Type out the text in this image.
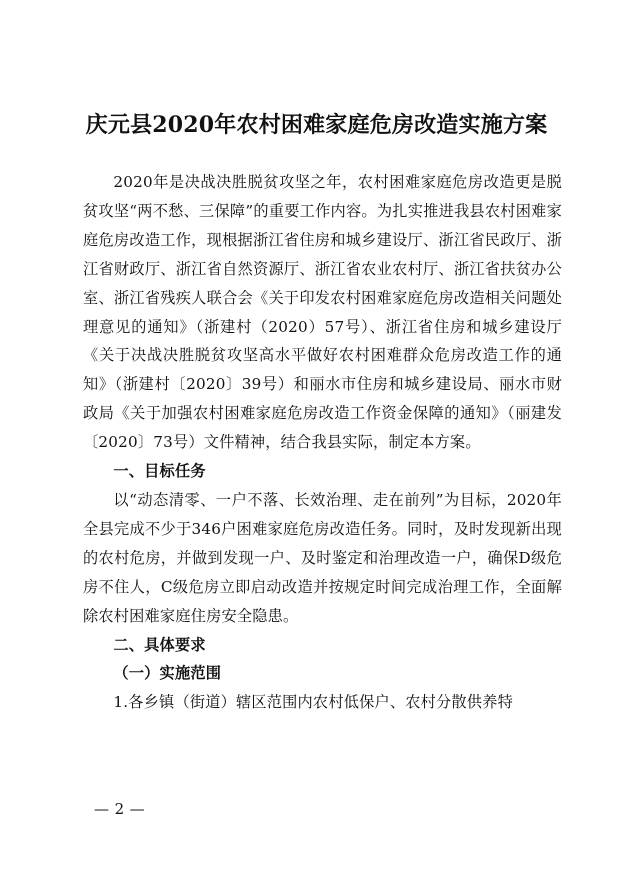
庆元县2020年农村困难家庭危房改造实施方案

2020年是决战决胜脱贫攻坚之年，农村困难家庭危房改造更是脱贫攻坚“两不愁、三保障”的重要工作内容。为扎实推进我县农村困难家庭危房改造工作，现根据浙江省住房和城乡建设厅、浙江省民政厅、浙江省财政厅、浙江省自然资源厅、浙江省农业农村厅、浙江省扶贫办公室、浙江省残疾人联合会《关于印发农村困难家庭危房改造相关问题处理意见的通知》（浙建村（2020）57号）、浙江省住房和城乡建设厅《关于决战决胜脱贫攻坚高水平做好农村困难群众危房改造工作的通知》（浙建村〔2020〕39号）和丽水市住房和城乡建设局、丽水市财政局《关于加强农村困难家庭危房改造工作资金保障的通知》（丽建发〔2020〕73号）文件精神，结合我县实际，制定本方案。

一、目标任务

以“动态清零、一户不落、长效治理、走在前列”为目标，2020年全县完成不少于346户困难家庭危房改造任务。同时，及时发现新出现的农村危房，并做到发现一户、及时鉴定和治理改造一户，确保D级危房不住人，C级危房立即启动改造并按规定时间完成治理工作，全面解除农村困难家庭住房安全隐患。

二、具体要求
（一）实施范围

1.各乡镇（街道）辖区范围内农村低保户、农村分散供养特

— 2 —
